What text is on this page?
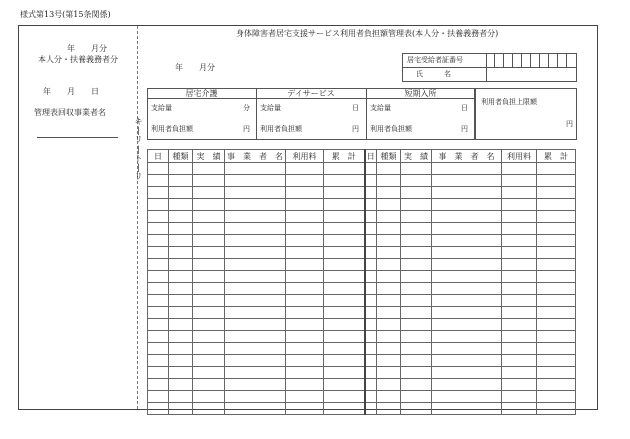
様式第13号(第15条関係)
年　　月分
本人分・扶養義務者分
年　　月　　日
管理表回収事業者名
キ
|
リ
|
ト
|
リ
身体障害者居宅支援サービス利用者負担額管理表(本人分・扶養義務者分)
年　　月分
居宅受給者証番号
氏　　　名
居宅介護
支給量	分
利用者負担額	円
デイサービス
支給量	日
利用者負担額	円
短期入所
支給量	日
利用者負担額	円
利用者負担上限額
円
日	種類	実　績	事　業　者　名	利用料	累　計	日	種類	実　績	事　業　者　名	利用料	累　計
